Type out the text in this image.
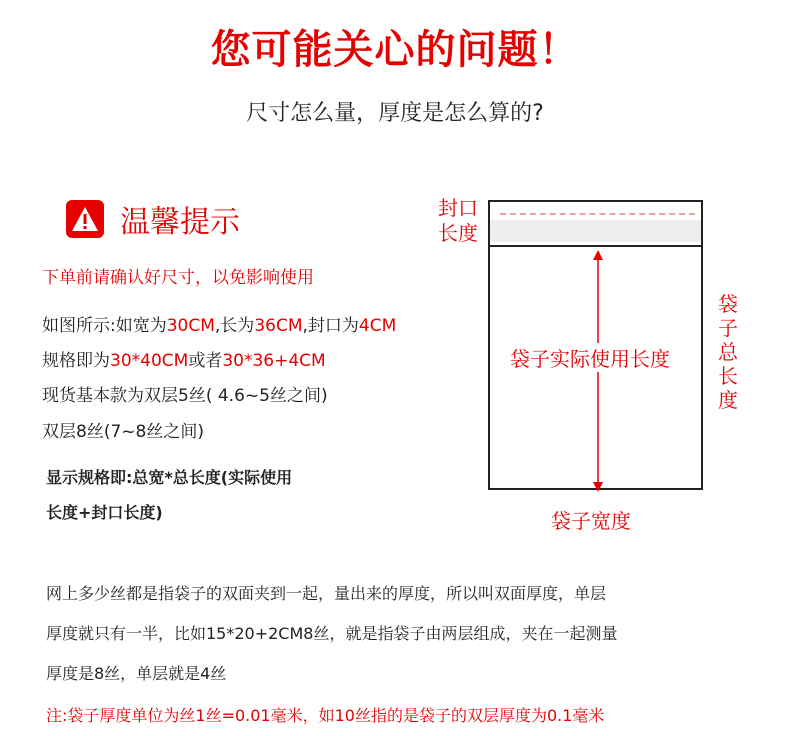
您可能关心的问题！
尺寸怎么量，厚度是怎么算的?
温馨提示
下单前请确认好尺寸，以免影响使用
如图所示:如宽为30CM,长为36CM,封口为4CM
规格即为30*40CM或者30*36+4CM
现货基本款为双层5丝( 4.6~5丝之间)
双层8丝(7~8丝之间)
显示规格即:总宽*总长度(实际使用
长度+封口长度)
袋子实际使用长度
封口长度
袋子总长度
袋子宽度
网上多少丝都是指袋子的双面夹到一起，量出来的厚度，所以叫双面厚度，单层
厚度就只有一半，比如15*20+2CM8丝，就是指袋子由两层组成，夹在一起测量
厚度是8丝，单层就是4丝
注:袋子厚度单位为丝1丝=0.01毫米，如10丝指的是袋子的双层厚度为0.1毫米
